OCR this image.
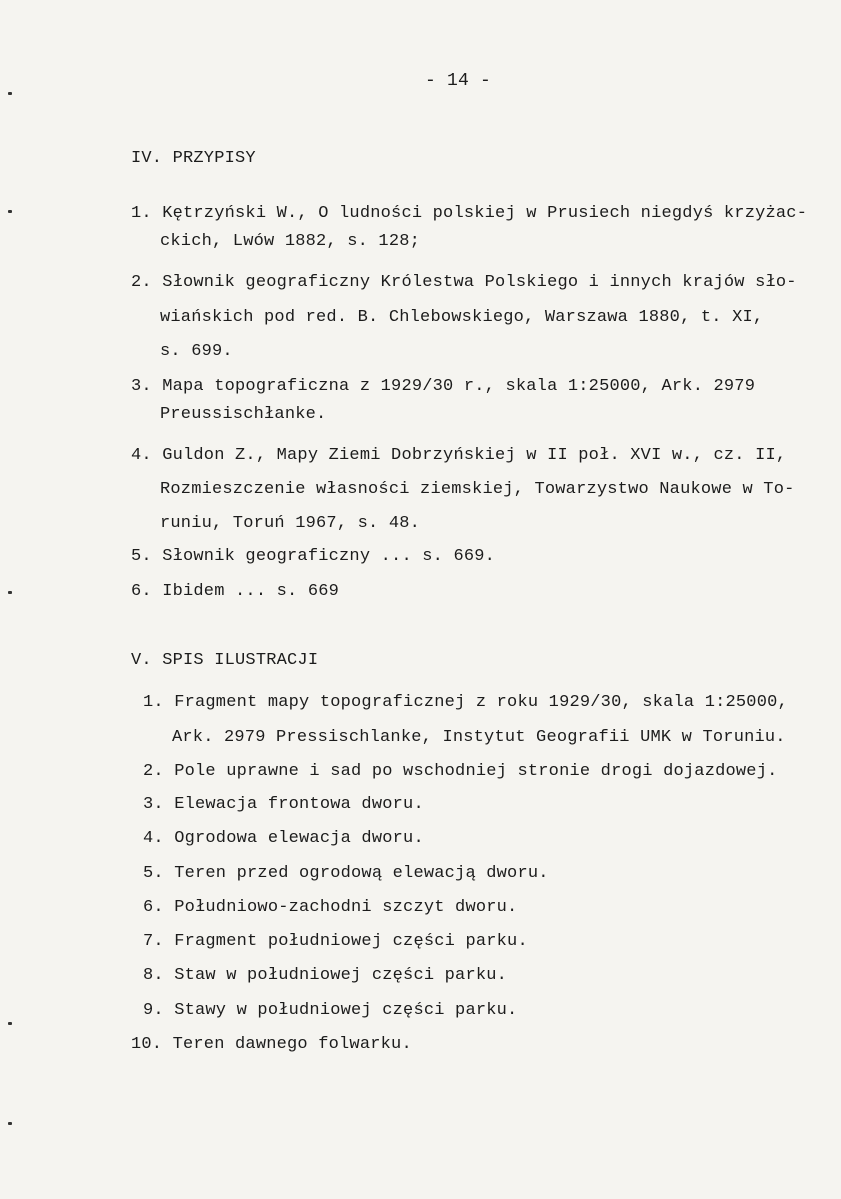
- 14 -
IV. PRZYPISY
1. Kętrzyński W., O ludności polskiej w Prusiech niegdyś krzyżac-
ckich, Lwów 1882, s. 128;
2. Słownik geograficzny Królestwa Polskiego i innych krajów sło-
wiańskich pod red. B. Chlebowskiego, Warszawa 1880, t. XI,
s. 699.
3. Mapa topograficzna z 1929/30 r., skala 1:25000, Ark. 2979
Preussischłanke.
4. Guldon Z., Mapy Ziemi Dobrzyńskiej w II poł. XVI w., cz. II,
Rozmieszczenie własności ziemskiej, Towarzystwo Naukowe w To-
runiu, Toruń 1967, s. 48.
5. Słownik geograficzny ... s. 669.
6. Ibidem ... s. 669
V. SPIS ILUSTRACJI
1. Fragment mapy topograficznej z roku 1929/30, skala 1:25000,
Ark. 2979 Pressischlanke, Instytut Geografii UMK w Toruniu.
2. Pole uprawne i sad po wschodniej stronie drogi dojazdowej.
3. Elewacja frontowa dworu.
4. Ogrodowa elewacja dworu.
5. Teren przed ogrodową elewacją dworu.
6. Południowo-zachodni szczyt dworu.
7. Fragment południowej części parku.
8. Staw w południowej części parku.
9. Stawy w południowej części parku.
10. Teren dawnego folwarku.
